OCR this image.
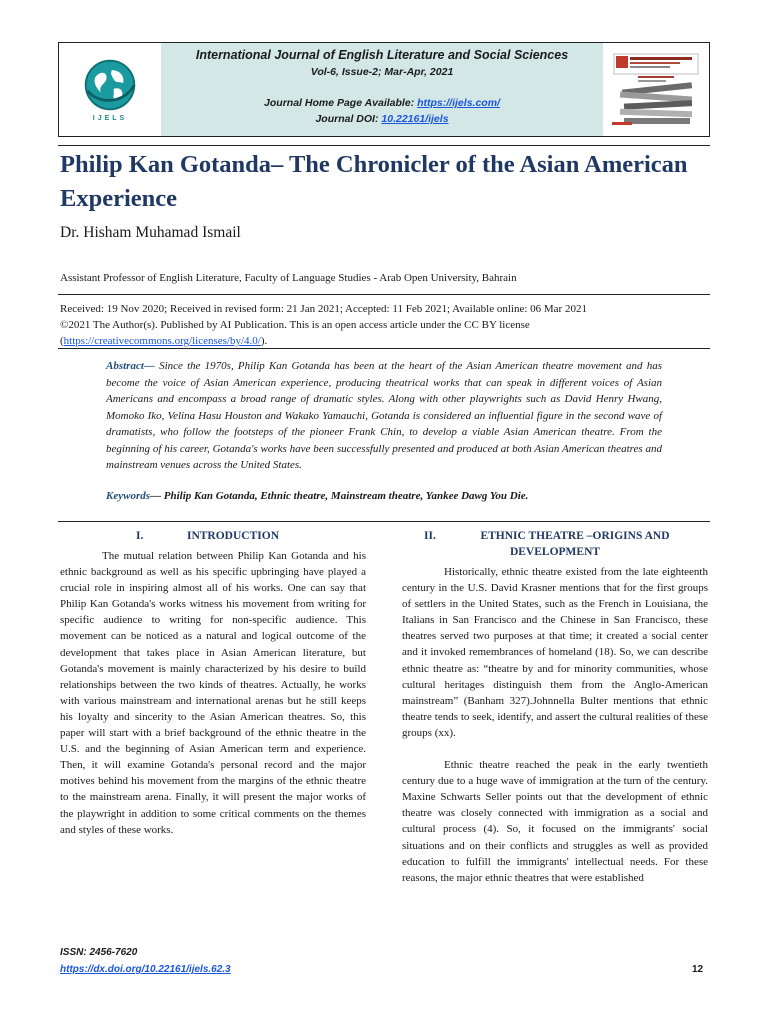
IJELS
International Journal of English Literature and Social Sciences
Vol-6, Issue-2; Mar-Apr, 2021
Journal Home Page Available: https://ijels.com/
Journal DOI: 10.22161/ijels
Philip Kan Gotanda– The Chronicler of the Asian American Experience
Dr. Hisham Muhamad Ismail
Assistant Professor of English Literature, Faculty of Language Studies - Arab Open University, Bahrain
Received: 19 Nov 2020; Received in revised form: 21 Jan 2021; Accepted: 11 Feb 2021; Available online: 06 Mar 2021
©2021 The Author(s). Published by AI Publication. This is an open access article under the CC BY license
(https://creativecommons.org/licenses/by/4.0/).
Abstract— Since the 1970s, Philip Kan Gotanda has been at the heart of the Asian American theatre movement and has become the voice of Asian American experience, producing theatrical works that can speak in different voices of Asian Americans and encompass a broad range of dramatic styles. Along with other playwrights such as David Henry Hwang, Momoko Iko, Velina Hasu Houston and Wakako Yamauchi, Gotanda is considered an influential figure in the second wave of dramatists, who follow the footsteps of the pioneer Frank Chin, to develop a viable Asian American theatre. From the beginning of his career, Gotanda's works have been successfully presented and produced at both Asian American theatres and mainstream venues across the United States.
Keywords— Philip Kan Gotanda, Ethnic theatre, Mainstream theatre, Yankee Dawg You Die.
I.	INTRODUCTION

The mutual relation between Philip Kan Gotanda and his ethnic background as well as his specific upbringing have played a crucial role in inspiring almost all of his works. One can say that Philip Kan Gotanda's works witness his movement from writing for specific audience to writing for non-specific audience. This movement can be noticed as a natural and logical outcome of the development that takes place in Asian American literature, but Gotanda's movement is mainly characterized by his desire to build relationships between the two kinds of theatres. Actually, he works with various mainstream and international arenas but he still keeps his loyalty and sincerity to the Asian American theatres. So, this paper will start with a brief background of the ethnic theatre in the U.S. and the beginning of Asian American term and experience. Then, it will examine Gotanda's personal record and the major motives behind his movement from the margins of the ethnic theatre to the mainstream arena. Finally, it will present the major works of the playwright in addition to some critical comments on the themes and styles of these works.

II.	ETHNIC THEATRE –ORIGINS AND
DEVELOPMENT

Historically, ethnic theatre existed from the late eighteenth century in the U.S. David Krasner mentions that for the first groups of settlers in the United States, such as the French in Louisiana, the Italians in San Francisco and the Chinese in San Francisco, these theatres served two purposes at that time; it created a social center and it invoked remembrances of homeland (18). So, we can describe ethnic theatre as: “theatre by and for minority communities, whose cultural heritages distinguish them from the Anglo-American mainstream” (Banham 327).Johnnella Bulter mentions that ethnic theatre tends to seek, identify, and assert the cultural realities of these groups (xx).

Ethnic theatre reached the peak in the early twentieth century due to a huge wave of immigration at the turn of the century. Maxine Schwarts Seller points out that the development of ethnic theatre was closely connected with immigration as a social and cultural process (4). So, it focused on the immigrants' social situations and on their conflicts and struggles as well as provided education to fulfill the immigrants' intellectual needs. For these reasons, the major ethnic theatres that were established

ISSN: 2456-7620
https://dx.doi.org/10.22161/ijels.62.3	12
